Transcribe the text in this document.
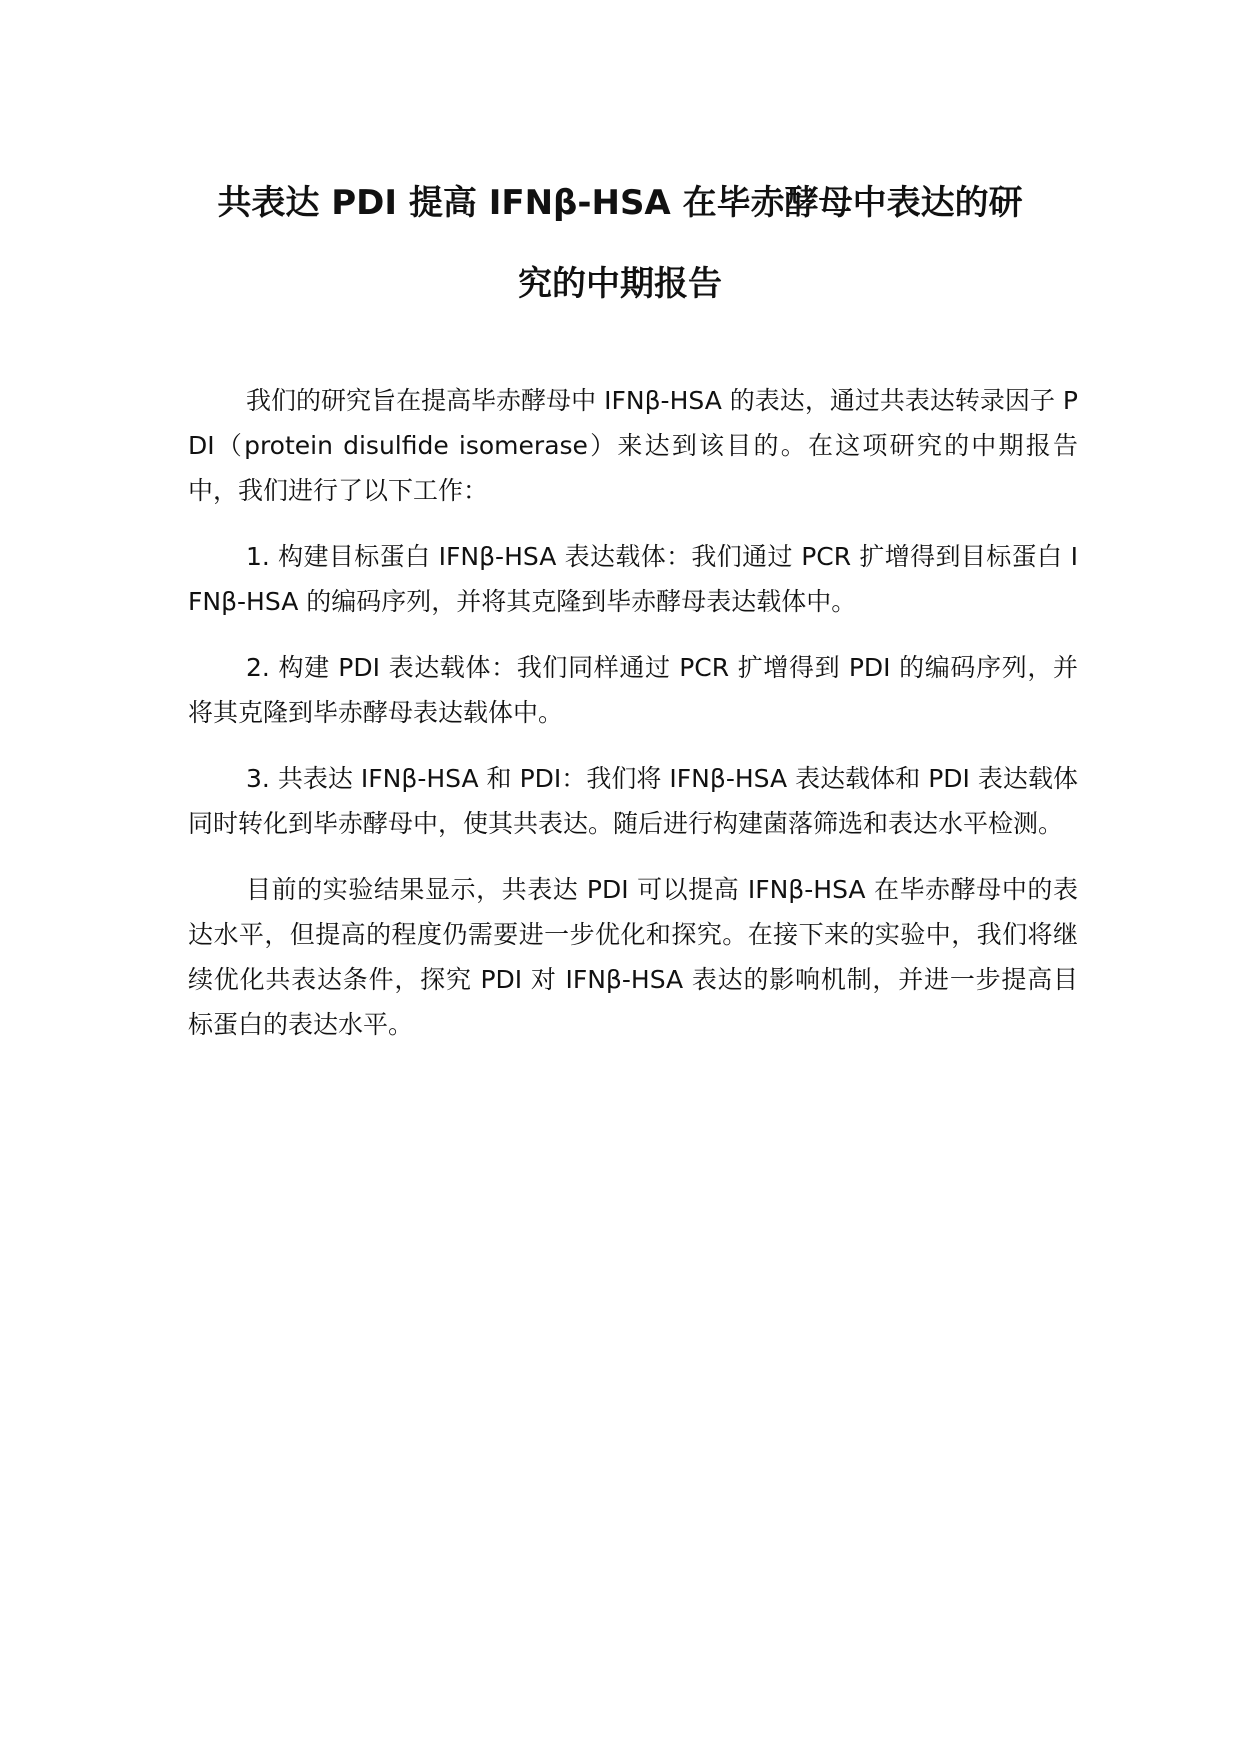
共表达 PDI 提高 IFNβ-HSA 在毕赤酵母中表达的研
究的中期报告

我们的研究旨在提高毕赤酵母中 IFNβ-HSA 的表达，通过共表达转录因子 PDI（protein disulfide isomerase）来达到该目的。在这项研究的中期报告中，我们进行了以下工作：

1. 构建目标蛋白 IFNβ-HSA 表达载体：我们通过 PCR 扩增得到目标蛋白 IFNβ-HSA 的编码序列，并将其克隆到毕赤酵母表达载体中。

2. 构建 PDI 表达载体：我们同样通过 PCR 扩增得到 PDI 的编码序列，并将其克隆到毕赤酵母表达载体中。

3. 共表达 IFNβ-HSA 和 PDI：我们将 IFNβ-HSA 表达载体和 PDI 表达载体同时转化到毕赤酵母中，使其共表达。随后进行构建菌落筛选和表达水平检测。

目前的实验结果显示，共表达 PDI 可以提高 IFNβ-HSA 在毕赤酵母中的表达水平，但提高的程度仍需要进一步优化和探究。在接下来的实验中，我们将继续优化共表达条件，探究 PDI 对 IFNβ-HSA 表达的影响机制，并进一步提高目标蛋白的表达水平。
